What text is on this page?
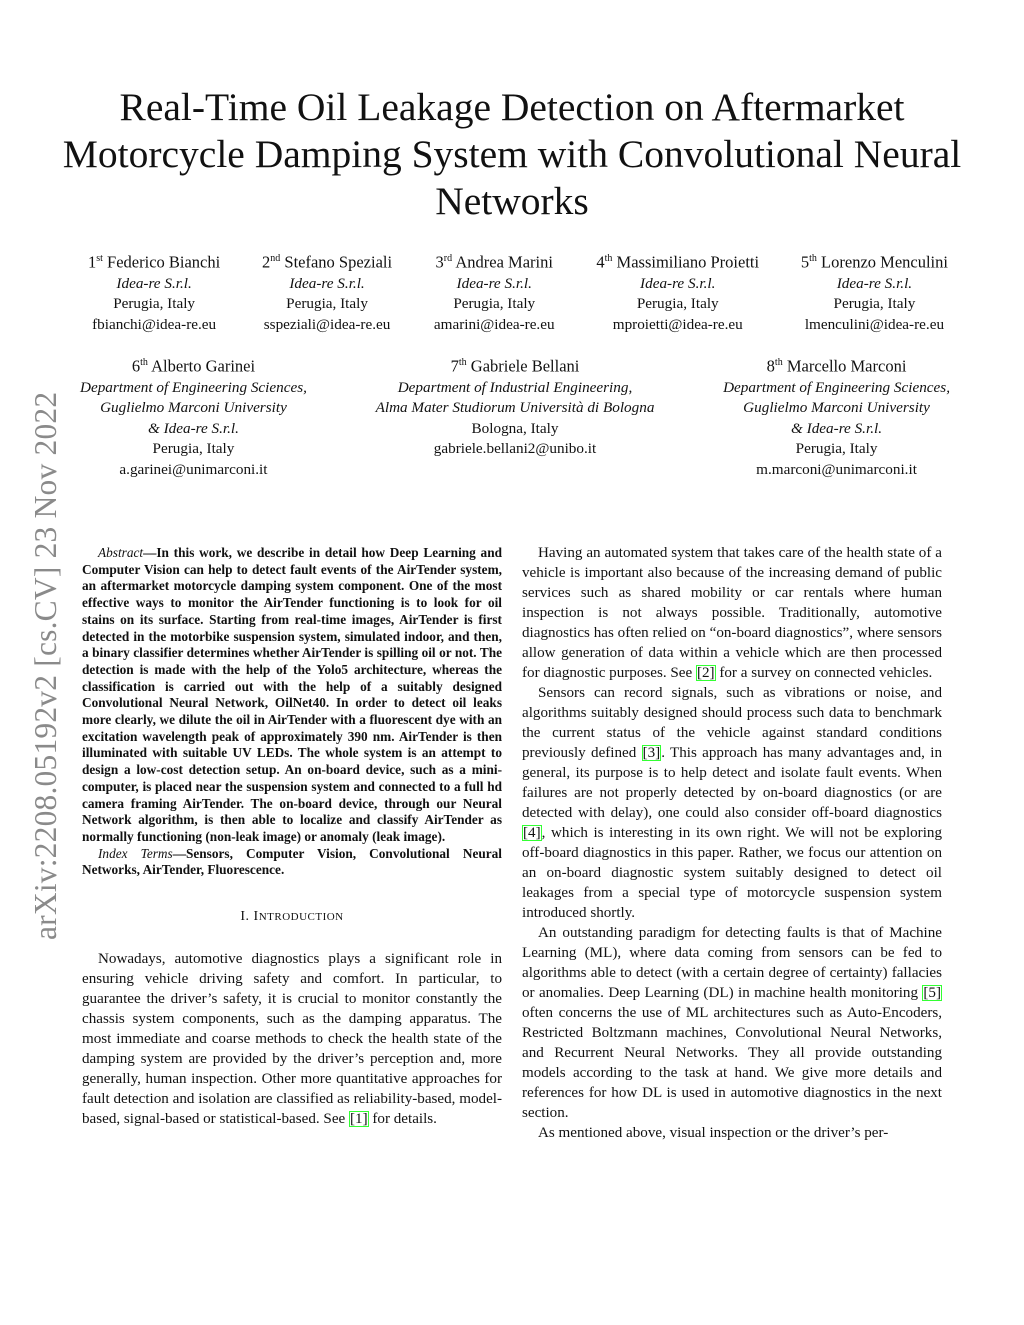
arXiv:2208.05192v2 [cs.CV] 23 Nov 2022
Real-Time Oil Leakage Detection on Aftermarket Motorcycle Damping System with Convolutional Neural Networks
1st Federico Bianchi
Idea-re S.r.l.
Perugia, Italy
fbianchi@idea-re.eu
2nd Stefano Speziali
Idea-re S.r.l.
Perugia, Italy
sspeziali@idea-re.eu
3rd Andrea Marini
Idea-re S.r.l.
Perugia, Italy
amarini@idea-re.eu
4th Massimiliano Proietti
Idea-re S.r.l.
Perugia, Italy
mproietti@idea-re.eu
5th Lorenzo Menculini
Idea-re S.r.l.
Perugia, Italy
lmenculini@idea-re.eu
6th Alberto Garinei
Department of Engineering Sciences,
Guglielmo Marconi University
& Idea-re S.r.l.
Perugia, Italy
a.garinei@unimarconi.it
7th Gabriele Bellani
Department of Industrial Engineering,
Alma Mater Studiorum Università di Bologna
Bologna, Italy
gabriele.bellani2@unibo.it
8th Marcello Marconi
Department of Engineering Sciences,
Guglielmo Marconi University
& Idea-re S.r.l.
Perugia, Italy
m.marconi@unimarconi.it

Abstract—In this work, we describe in detail how Deep Learning and Computer Vision can help to detect fault events of the AirTender system, an aftermarket motorcycle damping system component. One of the most effective ways to monitor the AirTender functioning is to look for oil stains on its surface. Starting from real-time images, AirTender is first detected in the motorbike suspension system, simulated indoor, and then, a binary classifier determines whether AirTender is spilling oil or not. The detection is made with the help of the Yolo5 architecture, whereas the classification is carried out with the help of a suitably designed Convolutional Neural Network, OilNet40. In order to detect oil leaks more clearly, we dilute the oil in AirTender with a fluorescent dye with an excitation wavelength peak of approximately 390 nm. AirTender is then illuminated with suitable UV LEDs. The whole system is an attempt to design a low-cost detection setup. An on-board device, such as a mini-computer, is placed near the suspension system and connected to a full hd camera framing AirTender. The on-board device, through our Neural Network algorithm, is then able to localize and classify AirTender as normally functioning (non-leak image) or anomaly (leak image).

Index Terms—Sensors, Computer Vision, Convolutional Neural Networks, AirTender, Fluorescence.

I. INTRODUCTION

Nowadays, automotive diagnostics plays a significant role in ensuring vehicle driving safety and comfort. In particular, to guarantee the driver’s safety, it is crucial to monitor constantly the chassis system components, such as the damping apparatus. The most immediate and coarse methods to check the health state of the damping system are provided by the driver’s perception and, more generally, human inspection. Other more quantitative approaches for fault detection and isolation are classified as reliability-based, model-based, signal-based or statistical-based. See [1] for details.

Having an automated system that takes care of the health state of a vehicle is important also because of the increasing demand of public services such as shared mobility or car rentals where human inspection is not always possible. Traditionally, automotive diagnostics has often relied on “on-board diagnostics”, where sensors allow generation of data within a vehicle which are then processed for diagnostic purposes. See [2] for a survey on connected vehicles.

Sensors can record signals, such as vibrations or noise, and algorithms suitably designed should process such data to benchmark the current status of the vehicle against standard conditions previously defined [3]. This approach has many advantages and, in general, its purpose is to help detect and isolate fault events. When failures are not properly detected by on-board diagnostics (or are detected with delay), one could also consider off-board diagnostics [4], which is interesting in its own right. We will not be exploring off-board diagnostics in this paper. Rather, we focus our attention on an on-board diagnostic system suitably designed to detect oil leakages from a special type of motorcycle suspension system introduced shortly.

An outstanding paradigm for detecting faults is that of Machine Learning (ML), where data coming from sensors can be fed to algorithms able to detect (with a certain degree of certainty) fallacies or anomalies. Deep Learning (DL) in machine health monitoring [5] often concerns the use of ML architectures such as Auto-Encoders, Restricted Boltzmann machines, Convolutional Neural Networks, and Recurrent Neural Networks. They all provide outstanding models according to the task at hand. We give more details and references for how DL is used in automotive diagnostics in the next section.

As mentioned above, visual inspection or the driver’s per-
